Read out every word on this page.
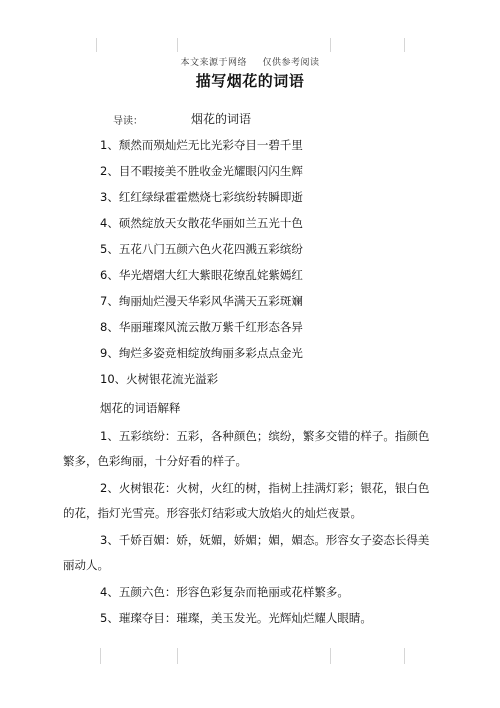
本文来源于网络 仅供参考阅读
描写烟花的词语
导读：	烟花的词语
1、颓然而殒灿烂无比光彩夺目一碧千里
2、目不暇接美不胜收金光耀眼闪闪生辉
3、红红绿绿霍霍燃烧七彩缤纷转瞬即逝
4、硕然绽放天女散花华丽如兰五光十色
5、五花八门五颜六色火花四溅五彩缤纷
6、华光熠熠大红大紫眼花缭乱姹紫嫣红
7、绚丽灿烂漫天华彩风华满天五彩斑斓
8、华丽璀璨风流云散万紫千红形态各异
9、绚烂多姿竞相绽放绚丽多彩点点金光
10、火树银花流光溢彩
烟花的词语解释

1、五彩缤纷：五彩，各种颜色；缤纷，繁多交错的样子。指颜色繁多，色彩绚丽，十分好看的样子。

2、火树银花：火树，火红的树，指树上挂满灯彩；银花，银白色的花，指灯光雪亮。形容张灯结彩或大放焰火的灿烂夜景。

3、千娇百媚：娇，妩媚，娇媚；媚，媚态。形容女子姿态长得美丽动人。

4、五颜六色：形容色彩复杂而艳丽或花样繁多。

5、璀璨夺目：璀璨，美玉发光。光辉灿烂耀人眼睛。
